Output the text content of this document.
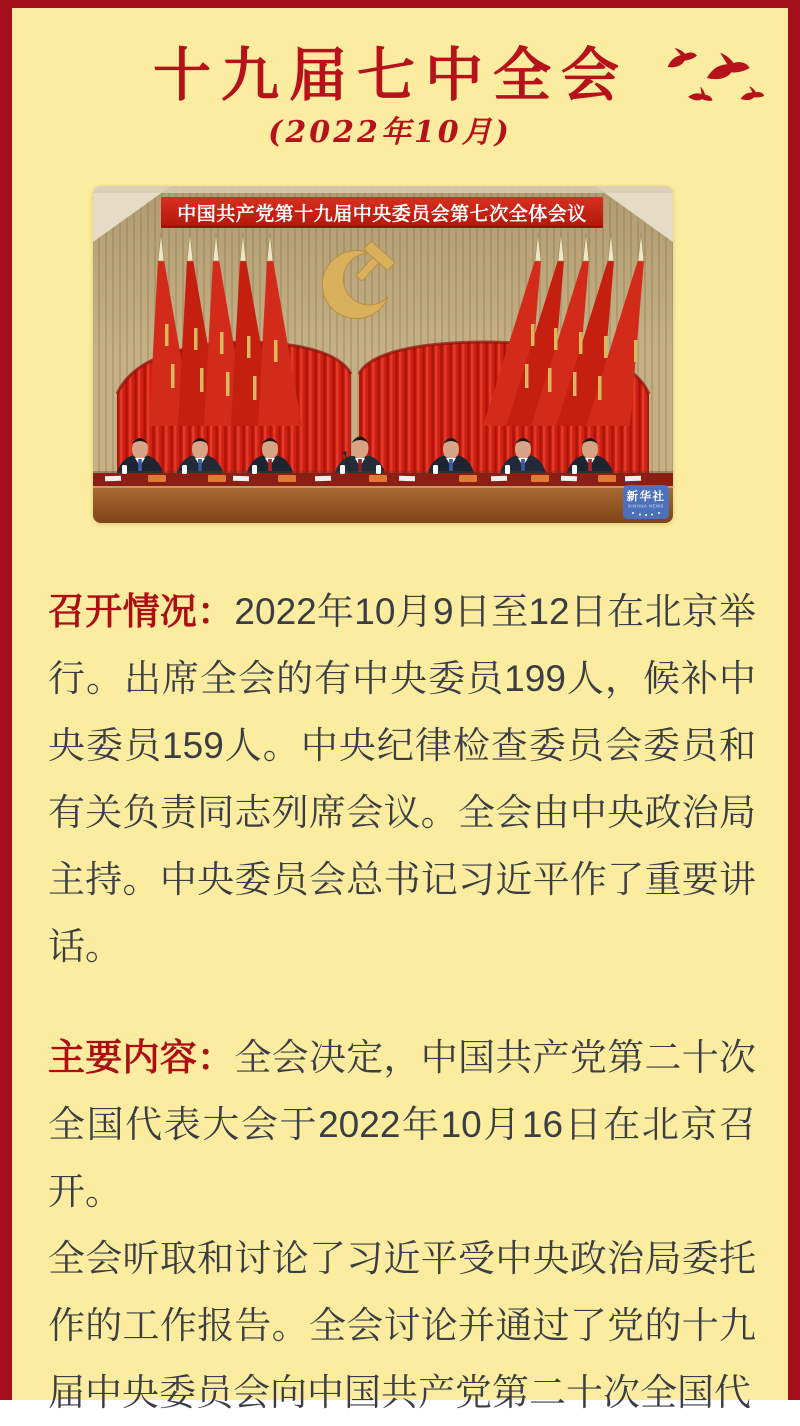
十九届七中全会
(2022年10月)
中国共产党第十九届中央委员会第七次全体会议
新华社
XINHUA NEWS

召开情况：2022年10月9日至12日在北京举行。出席全会的有中央委员199人，候补中央委员159人。中央纪律检查委员会委员和有关负责同志列席会议。全会由中央政治局主持。中央委员会总书记习近平作了重要讲话。

主要内容：全会决定，中国共产党第二十次全国代表大会于2022年10月16日在北京召开。

全会听取和讨论了习近平受中央政治局委托作的工作报告。全会讨论并通过了党的十九届中央委员会向中国共产党第二十次全国代
